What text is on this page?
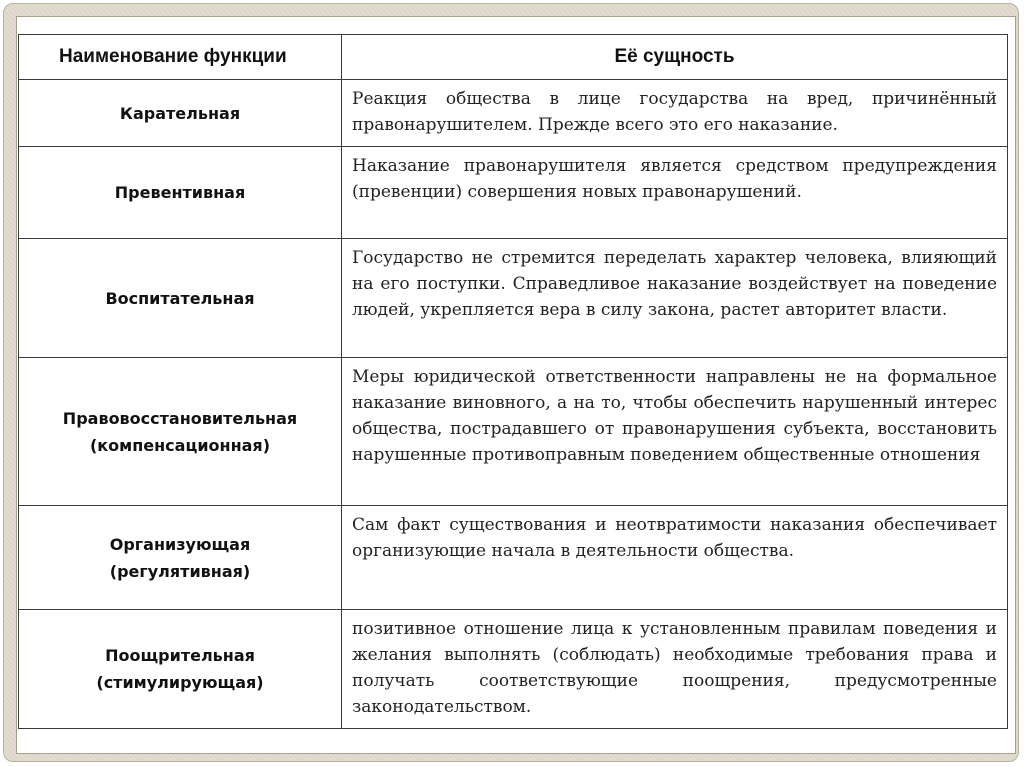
Наименование функции	Её сущность

Карательная	Реакция общества в лице государства на вред, причинённый правонарушителем. Прежде всего это его наказание.

Превентивная	Наказание правонарушителя является средством предупреждения (превенции) совершения новых правонарушений.

Воспитательная	Государство не стремится переделать характер человека, влияющий на его поступки. Справедливое наказание воздействует на поведение людей, укрепляется вера в силу закона, растет авторитет власти.

Правовосстановительная
(компенсационная)	Меры юридической ответственности направлены не на формальное наказание виновного, а на то, чтобы обеспечить нарушенный интерес общества, пострадавшего от правонарушения субъекта, восстановить нарушенные противоправным поведением общественные отношения

Организующая
(регулятивная)	Сам факт существования и неотвратимости наказания обеспечивает организующие начала в деятельности общества.

Поощрительная
(стимулирующая)	позитивное отношение лица к установленным правилам поведения и желания выполнять (соблюдать) необходимые требования права и получать соответствующие поощрения, предусмотренные законодательством.
